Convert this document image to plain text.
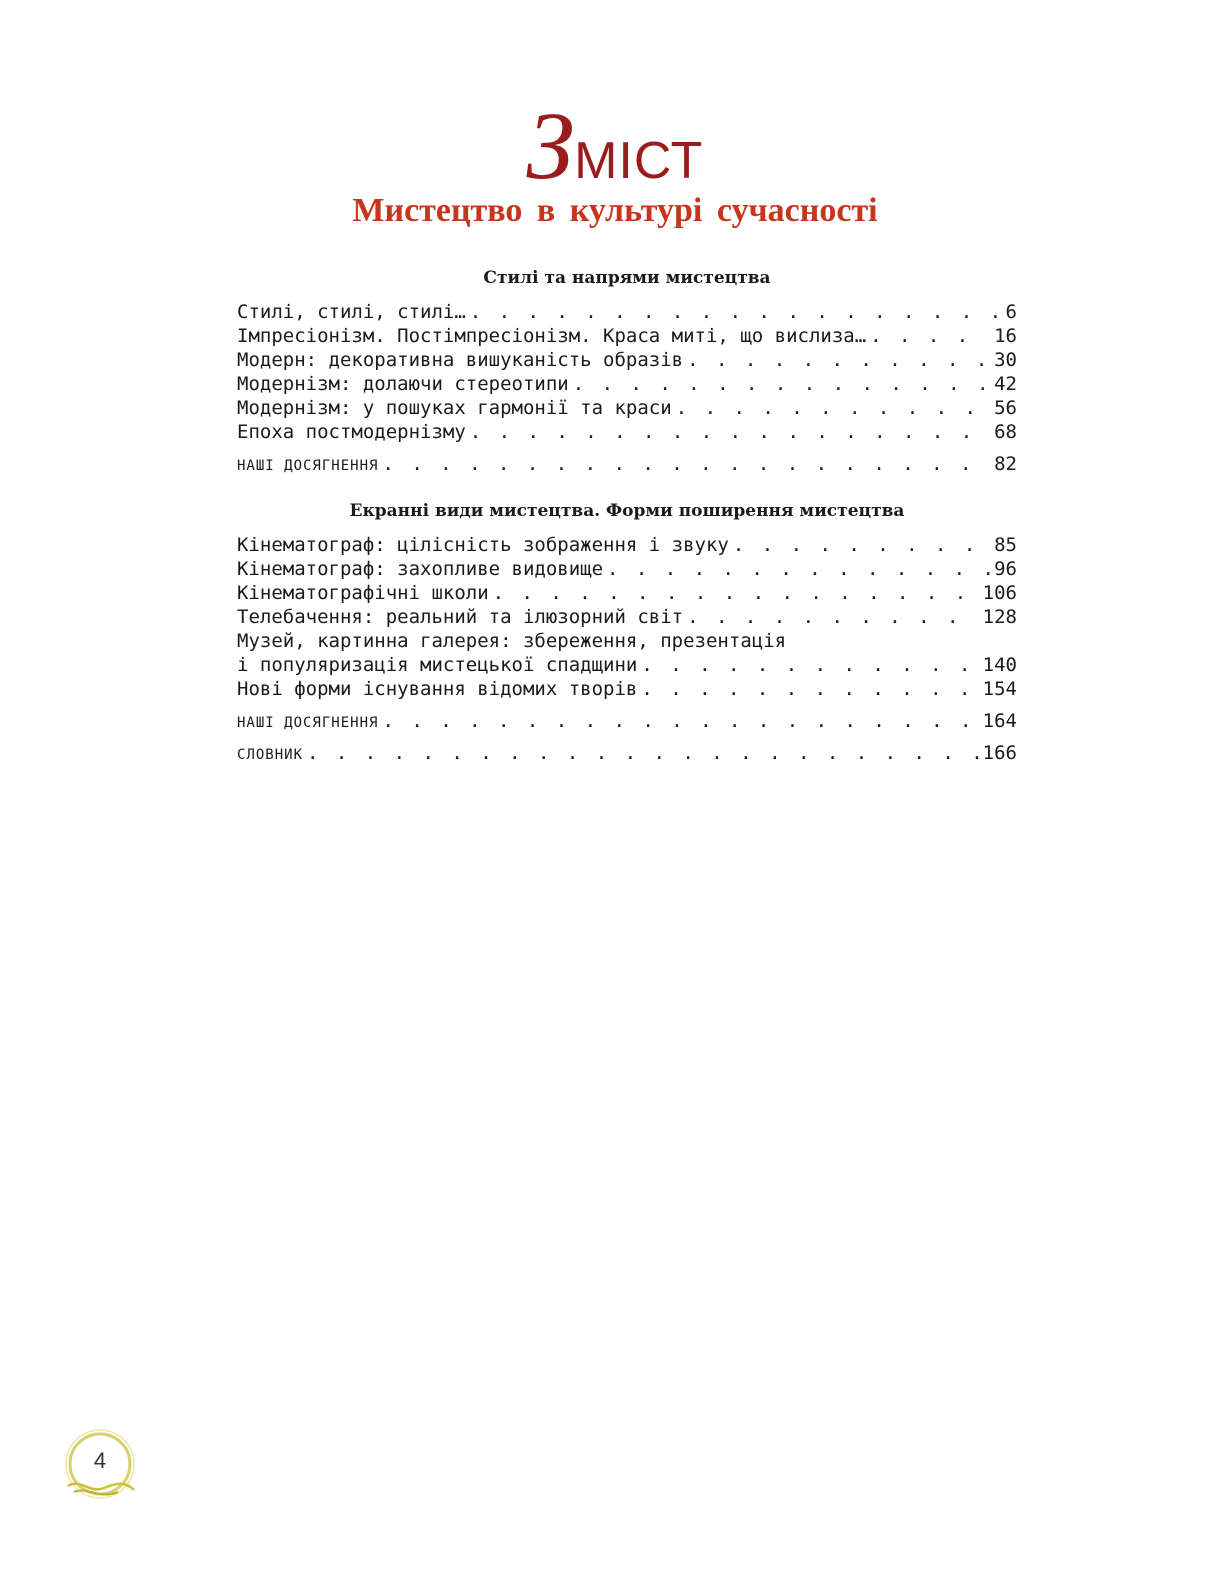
ЗМІСТ
Мистецтво в культурі сучасності
Стилі та напрями мистецтва
Стилі, стилі, стилі… . . .	6
Імпресіонізм. Постімпресіонізм. Краса миті, що вислиза… . . .	16
Модерн: декоративна вишуканість образів . . .	30
Модернізм: долаючи стереотипи . . .	42
Модернізм: у пошуках гармонії та краси . . .	56
Епоха постмодернізму . . .	68
НАШІ ДОСЯГНЕННЯ . . .	82
Екранні види мистецтва. Форми поширення мистецтва
Кінематограф: цілісність зображення і звуку . . .	85
Кінематограф: захопливе видовище . . .	96
Кінематографічні школи . . .	106
Телебачення: реальний та ілюзорний світ . . .	128
Музей, картинна галерея: збереження, презентація
і популяризація мистецької спадщини . . .	140
Нові форми існування відомих творів . . .	154
НАШІ ДОСЯГНЕННЯ . . .	164
СЛОВНИК . . .	166
4
